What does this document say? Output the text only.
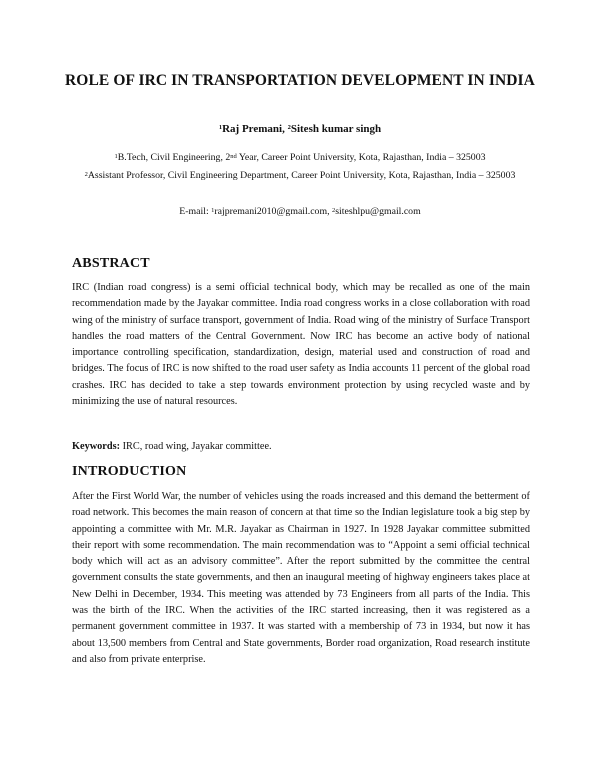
ROLE OF IRC IN TRANSPORTATION DEVELOPMENT IN INDIA
$^1$Raj Premani, $^2$Sitesh kumar singh
$^1$B.Tech, Civil Engineering, 2nd Year, Career Point University, Kota, Rajasthan, India – 325003
$^2$Assistant Professor, Civil Engineering Department, Career Point University, Kota, Rajasthan, India – 325003
E-mail: $^1$rajpremani2010@gmail.com, $^2$siteshlpu@gmail.com
ABSTRACT

IRC (Indian road congress) is a semi official technical body, which may be recalled as one of the main recommendation made by the Jayakar committee. India road congress works in a close collaboration with road wing of the ministry of surface transport, government of India. Road wing of the ministry of Surface Transport handles the road matters of the Central Government. Now IRC has become an active body of national importance controlling specification, standardization, design, material used and construction of road and bridges. The focus of IRC is now shifted to the road user safety as India accounts 11 percent of the global road crashes. IRC has decided to take a step towards environment protection by using recycled waste and by minimizing the use of natural resources.

Keywords: IRC, road wing, Jayakar committee.

INTRODUCTION

After the First World War, the number of vehicles using the roads increased and this demand the betterment of road network. This becomes the main reason of concern at that time so the Indian legislature took a big step by appointing a committee with Mr. M.R. Jayakar as Chairman in 1927. In 1928 Jayakar committee submitted their report with some recommendation. The main recommendation was to “Appoint a semi official technical body which will act as an advisory committee”. After the report submitted by the committee the central government consults the state governments, and then an inaugural meeting of highway engineers takes place at New Delhi in December, 1934. This meeting was attended by 73 Engineers from all parts of the India. This was the birth of the IRC. When the activities of the IRC started increasing, then it was registered as a permanent government committee in 1937. It was started with a membership of 73 in 1934, but now it has about 13,500 members from Central and State governments, Border road organization, Road research institute and also from private enterprise.
